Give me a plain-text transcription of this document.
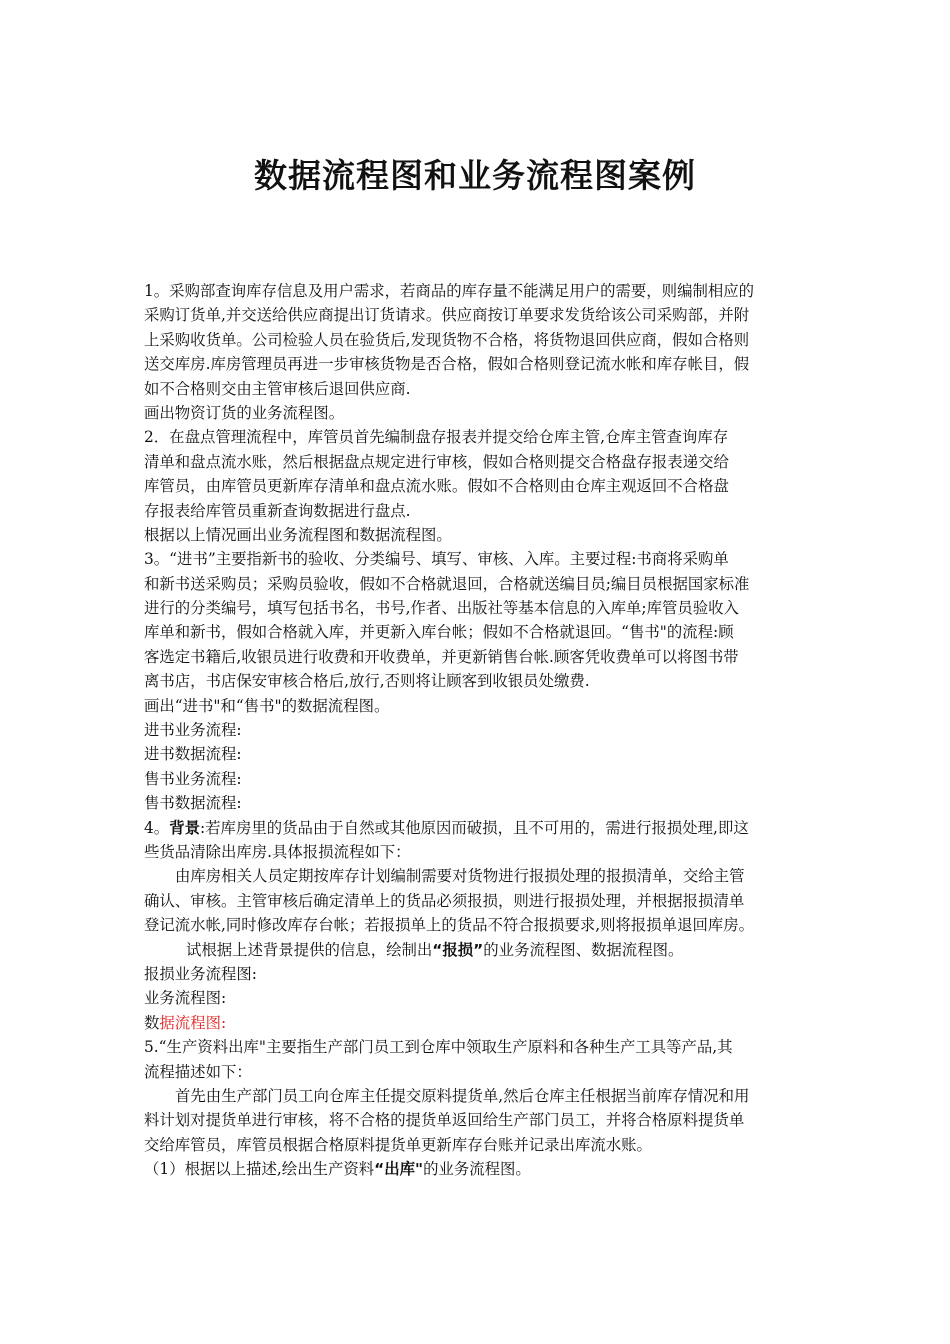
数据流程图和业务流程图案例
1。采购部查询库存信息及用户需求，若商品的库存量不能满足用户的需要，则编制相应的
采购订货单,并交送给供应商提出订货请求。供应商按订单要求发货给该公司采购部，并附
上采购收货单。公司检验人员在验货后,发现货物不合格，将货物退回供应商，假如合格则
送交库房.库房管理员再进一步审核货物是否合格，假如合格则登记流水帐和库存帐目，假
如不合格则交由主管审核后退回供应商.
画出物资订货的业务流程图。
2．在盘点管理流程中，库管员首先编制盘存报表并提交给仓库主管,仓库主管查询库存
清单和盘点流水账，然后根据盘点规定进行审核，假如合格则提交合格盘存报表递交给
库管员，由库管员更新库存清单和盘点流水账。假如不合格则由仓库主观返回不合格盘
存报表给库管员重新查询数据进行盘点.
根据以上情况画出业务流程图和数据流程图。
3。“进书”主要指新书的验收、分类编号、填写、审核、入库。主要过程:书商将采购单
和新书送采购员；采购员验收，假如不合格就退回，合格就送编目员;编目员根据国家标准
进行的分类编号，填写包括书名，书号,作者、出版社等基本信息的入库单;库管员验收入
库单和新书，假如合格就入库，并更新入库台帐；假如不合格就退回。“售书"的流程:顾
客选定书籍后,收银员进行收费和开收费单，并更新销售台帐.顾客凭收费单可以将图书带
离书店，书店保安审核合格后,放行,否则将让顾客到收银员处缴费.
画出“进书"和“售书"的数据流程图。
进书业务流程:
进书数据流程:
售书业务流程:
售书数据流程:
4。背景:若库房里的货品由于自然或其他原因而破损，且不可用的，需进行报损处理,即这
些货品清除出库房.具体报损流程如下：
由库房相关人员定期按库存计划编制需要对货物进行报损处理的报损清单，交给主管
确认、审核。主管审核后确定清单上的货品必须报损，则进行报损处理，并根据报损清单
登记流水帐,同时修改库存台帐；若报损单上的货品不符合报损要求,则将报损单退回库房。
试根据上述背景提供的信息，绘制出“报损”的业务流程图、数据流程图。
报损业务流程图:
业务流程图:
数据流程图:
5.“生产资料出库"主要指生产部门员工到仓库中领取生产原料和各种生产工具等产品,其
流程描述如下：
首先由生产部门员工向仓库主任提交原料提货单,然后仓库主任根据当前库存情况和用
料计划对提货单进行审核，将不合格的提货单返回给生产部门员工，并将合格原料提货单
交给库管员，库管员根据合格原料提货单更新库存台账并记录出库流水账。
（1）根据以上描述,绘出生产资料“出库"的业务流程图。
